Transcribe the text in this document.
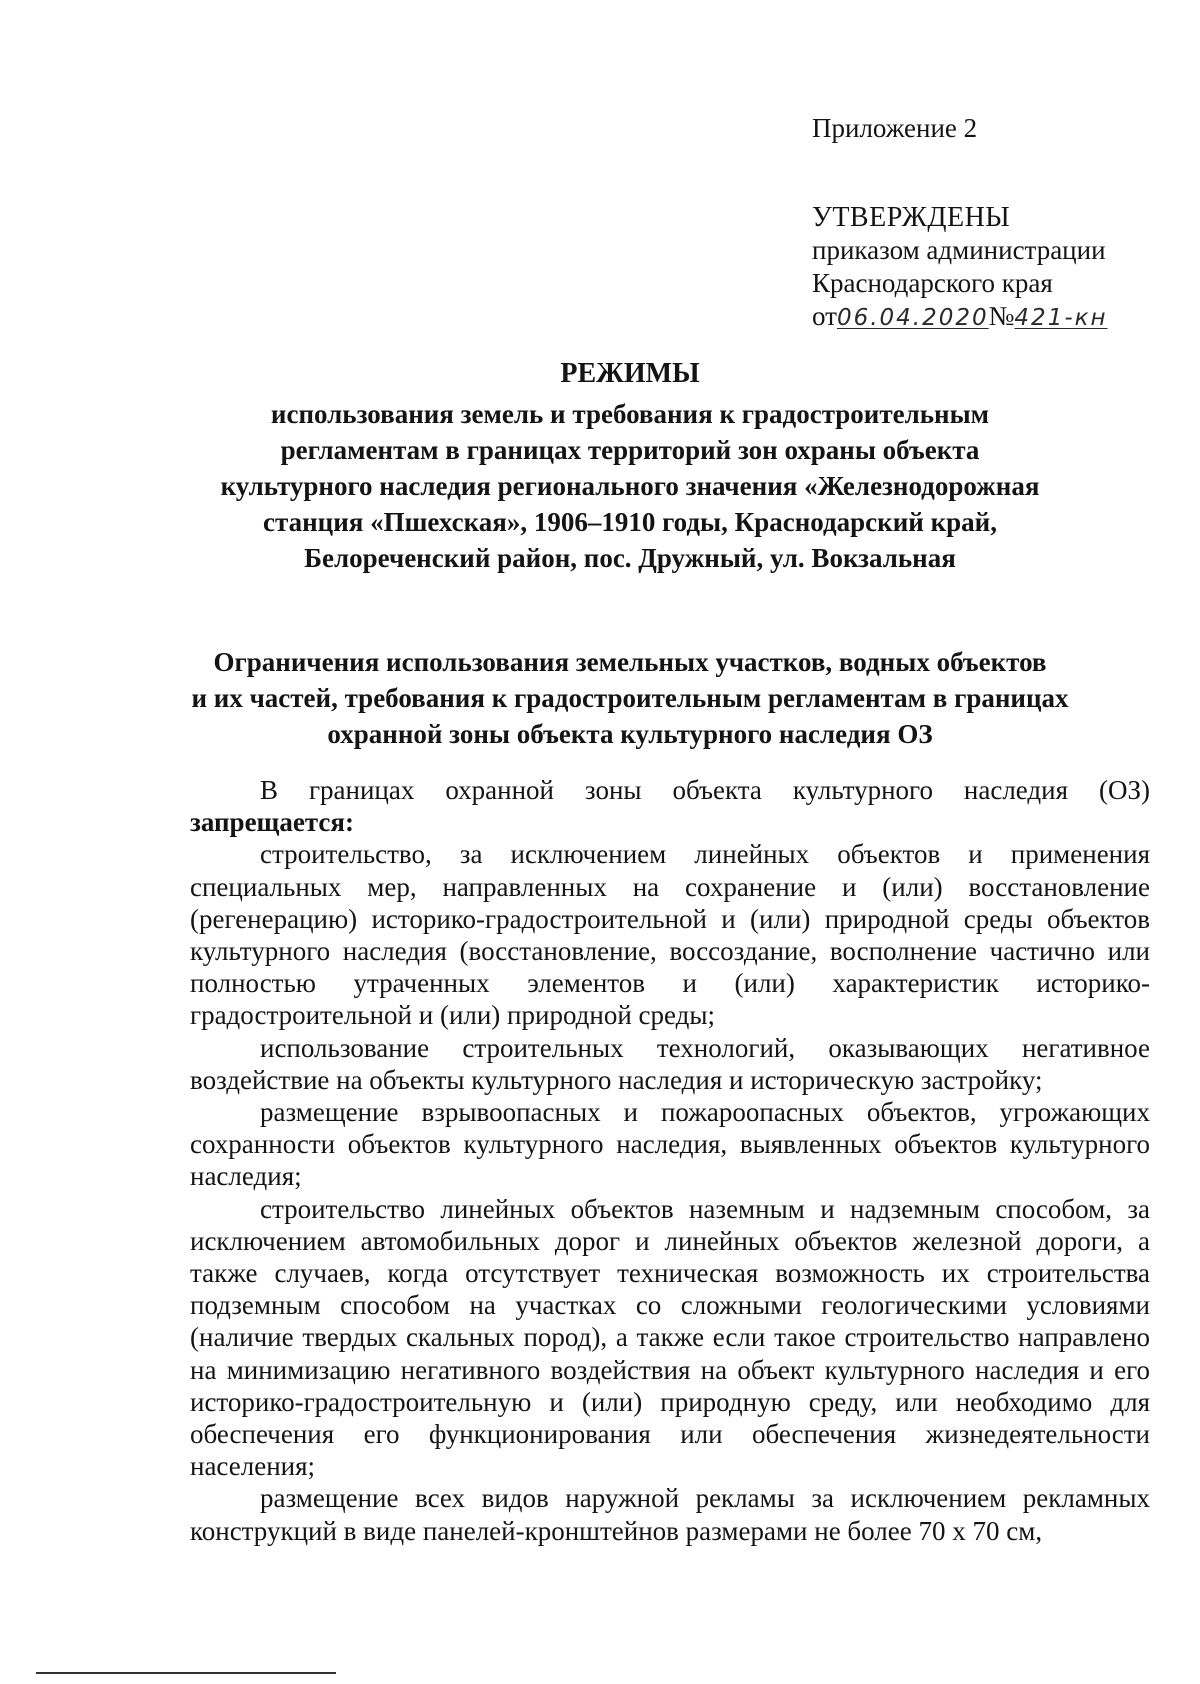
Приложение 2
УТВЕРЖДЕНЫ
приказом администрации
Краснодарского края
от06.04.2020№421-кн
РЕЖИМЫ
использования земель и требования к градостроительным
регламентам в границах территорий зон охраны объекта
культурного наследия регионального значения «Железнодорожная
станция «Пшехская», 1906–1910 годы, Краснодарский край,
Белореченский район, пос. Дружный, ул. Вокзальная
Ограничения использования земельных участков, водных объектов
и их частей, требования к градостроительным регламентам в границах
охранной зоны объекта культурного наследия ОЗ

В границах охранной зоны объекта культурного наследия (ОЗ) запрещается:

строительство, за исключением линейных объектов и применения специальных мер, направленных на сохранение и (или) восстановление (регенерацию) историко-градостроительной и (или) природной среды объектов культурного наследия (восстановление, воссоздание, восполнение частично или полностью утраченных элементов и (или) характеристик историко-градостроительной и (или) природной среды;

использование строительных технологий, оказывающих негативное воздействие на объекты культурного наследия и историческую застройку;

размещение взрывоопасных и пожароопасных объектов, угрожающих сохранности объектов культурного наследия, выявленных объектов культурного наследия;

строительство линейных объектов наземным и надземным способом, за исключением автомобильных дорог и линейных объектов железной дороги, а также случаев, когда отсутствует техническая возможность их строительства подземным способом на участках со сложными геологическими условиями (наличие твердых скальных пород), а также если такое строительство направлено на минимизацию негативного воздействия на объект культурного наследия и его историко-градостроительную и (или) природную среду, или необходимо для обеспечения его функционирования или обеспечения жизнедеятельности населения;

размещение всех видов наружной рекламы за исключением рекламных конструкций в виде панелей-кронштейнов размерами не более 70 х 70 см,
